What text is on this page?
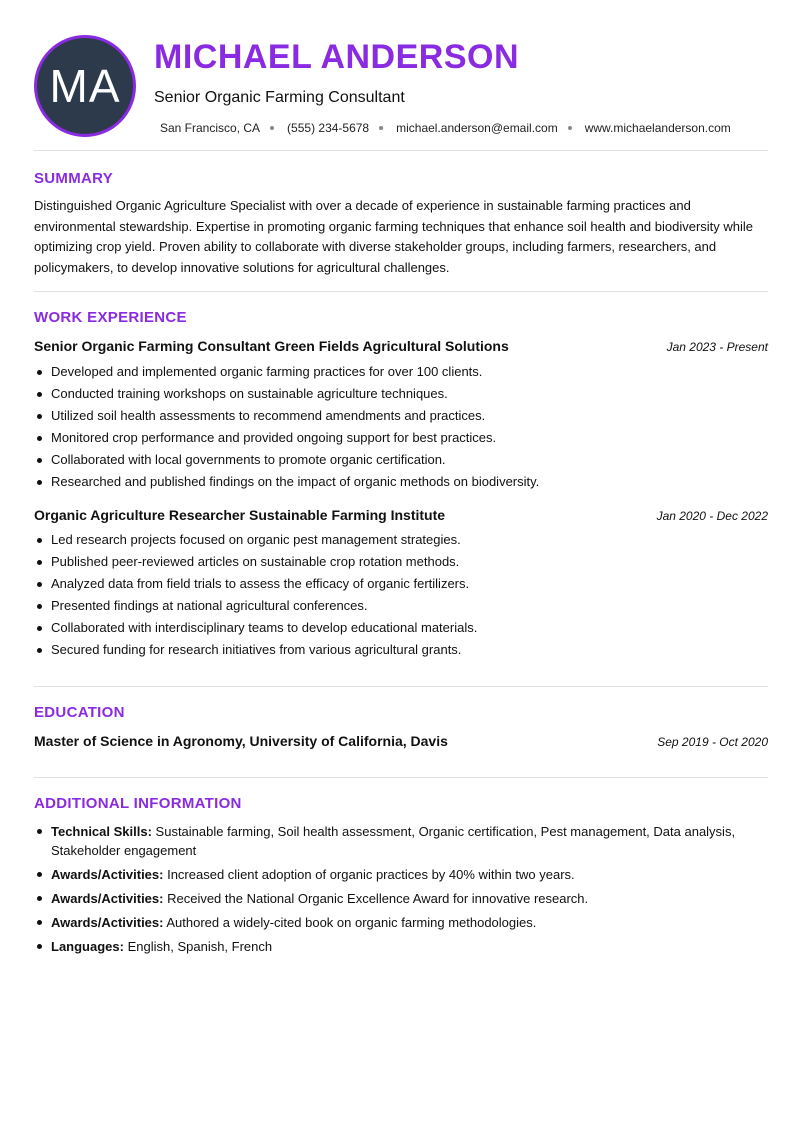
MA
MICHAEL ANDERSON
Senior Organic Farming Consultant
San Francisco, CA (555) 234-5678 michael.anderson@email.com www.michaelanderson.com
SUMMARY

Distinguished Organic Agriculture Specialist with over a decade of experience in sustainable farming practices and environmental stewardship. Expertise in promoting organic farming techniques that enhance soil health and biodiversity while optimizing crop yield. Proven ability to collaborate with diverse stakeholder groups, including farmers, researchers, and policymakers, to develop innovative solutions for agricultural challenges.

WORK EXPERIENCE
Senior Organic Farming Consultant Green Fields Agricultural Solutions	Jan 2023 - Present
Developed and implemented organic farming practices for over 100 clients.
Conducted training workshops on sustainable agriculture techniques.
Utilized soil health assessments to recommend amendments and practices.
Monitored crop performance and provided ongoing support for best practices.
Collaborated with local governments to promote organic certification.
Researched and published findings on the impact of organic methods on biodiversity.
Organic Agriculture Researcher Sustainable Farming Institute	Jan 2020 - Dec 2022
Led research projects focused on organic pest management strategies.
Published peer-reviewed articles on sustainable crop rotation methods.
Analyzed data from field trials to assess the efficacy of organic fertilizers.
Presented findings at national agricultural conferences.
Collaborated with interdisciplinary teams to develop educational materials.
Secured funding for research initiatives from various agricultural grants.
EDUCATION
Master of Science in Agronomy, University of California, Davis	Sep 2019 - Oct 2020
ADDITIONAL INFORMATION
Technical Skills: Sustainable farming, Soil health assessment, Organic certification, Pest management, Data analysis, Stakeholder engagement
Awards/Activities: Increased client adoption of organic practices by 40% within two years.
Awards/Activities: Received the National Organic Excellence Award for innovative research.
Awards/Activities: Authored a widely-cited book on organic farming methodologies.
Languages: English, Spanish, French
